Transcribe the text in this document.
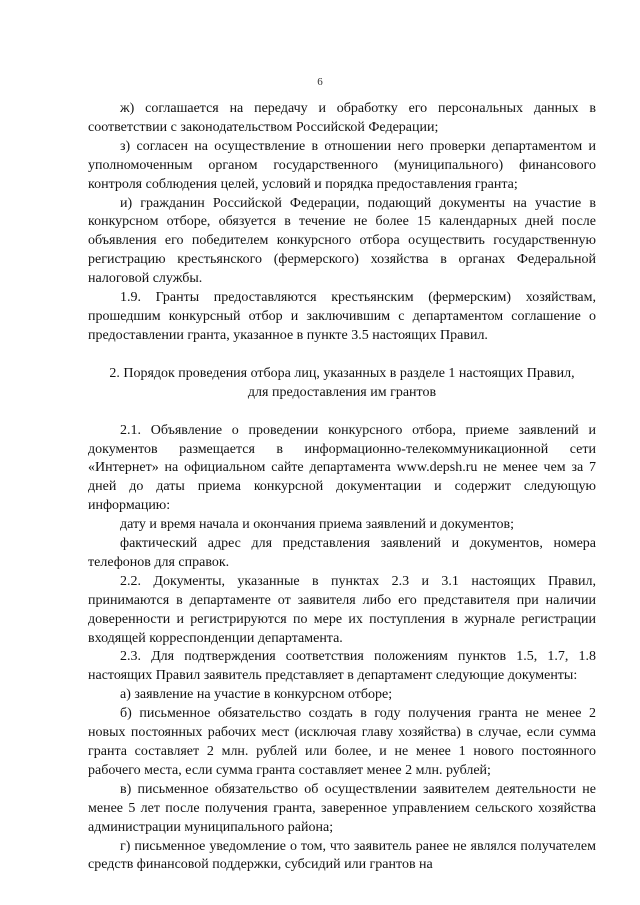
6

ж) соглашается на передачу и обработку его персональных данных в соответствии с законодательством Российской Федерации;

з) согласен на осуществление в отношении него проверки департаментом и уполномоченным органом государственного (муниципального) финансового контроля соблюдения целей, условий и порядка предоставления гранта;

и) гражданин Российской Федерации, подающий документы на участие в конкурсном отборе, обязуется в течение не более 15 календарных дней после объявления его победителем конкурсного отбора осуществить государственную регистрацию крестьянского (фермерского) хозяйства в органах Федеральной налоговой службы.

1.9. Гранты предоставляются крестьянским (фермерским) хозяйствам, прошедшим конкурсный отбор и заключившим с департаментом соглашение о предоставлении гранта, указанное в пункте 3.5 настоящих Правил.

2. Порядок проведения отбора лиц, указанных в разделе 1 настоящих Правил,
для предоставления им грантов

2.1. Объявление о проведении конкурсного отбора, приеме заявлений и документов размещается в информационно-телекоммуникационной сети «Интернет» на официальном сайте департамента www.depsh.ru не менее чем за 7 дней до даты приема конкурсной документации и содержит следующую информацию:

дату и время начала и окончания приема заявлений и документов;

фактический адрес для представления заявлений и документов, номера телефонов для справок.

2.2. Документы, указанные в пунктах 2.3 и 3.1 настоящих Правил, принимаются в департаменте от заявителя либо его представителя при наличии доверенности и регистрируются по мере их поступления в журнале регистрации входящей корреспонденции департамента.

2.3. Для подтверждения соответствия положениям пунктов 1.5, 1.7, 1.8 настоящих Правил заявитель представляет в департамент следующие документы:

а) заявление на участие в конкурсном отборе;

б) письменное обязательство создать в году получения гранта не менее 2 новых постоянных рабочих мест (исключая главу хозяйства) в случае, если сумма гранта составляет 2 млн. рублей или более, и не менее 1 нового постоянного рабочего места, если сумма гранта составляет менее 2 млн. рублей;

в) письменное обязательство об осуществлении заявителем деятельности не менее 5 лет после получения гранта, заверенное управлением сельского хозяйства администрации муниципального района;

г) письменное уведомление о том, что заявитель ранее не являлся получателем средств финансовой поддержки, субсидий или грантов на
